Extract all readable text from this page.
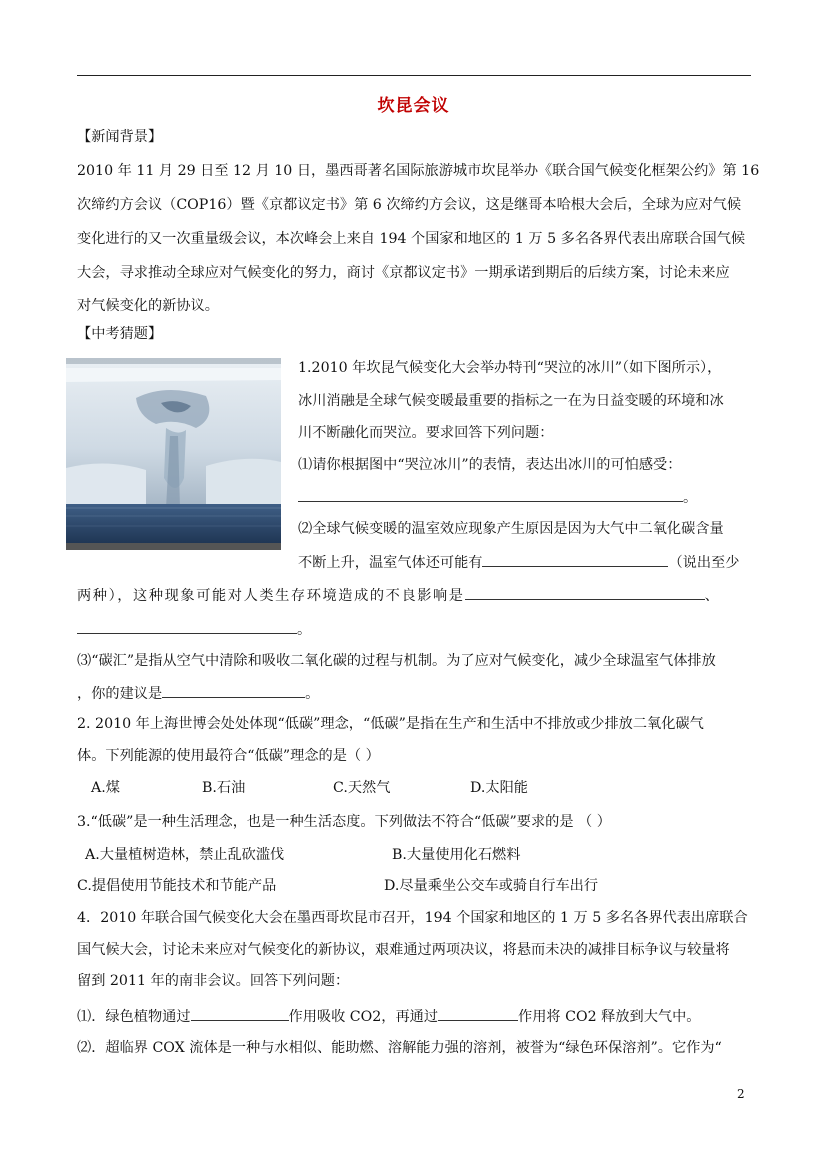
坎昆会议
【新闻背景】
2010 年 11 月 29 日至 12 月 10 日，墨西哥著名国际旅游城市坎昆举办《联合国气候变化框架公约》第 16
次缔约方会议（COP16）暨《京都议定书》第 6 次缔约方会议，这是继哥本哈根大会后，全球为应对气候
变化进行的又一次重量级会议，本次峰会上来自 194 个国家和地区的 1 万 5 多名各界代表出席联合国气候
大会，寻求推动全球应对气候变化的努力，商讨《京都议定书》一期承诺到期后的后续方案，讨论未来应
对气候变化的新协议。
【中考猜题】
1.2010 年坎昆气候变化大会举办特刊“哭泣的冰川”（如下图所示），
冰川消融是全球气候变暖最重要的指标之一在为日益变暖的环境和冰
川不断融化而哭泣。要求回答下列问题：
⑴请你根据图中“哭泣冰川”的表情，表达出冰川的可怕感受：
。
⑵全球气候变暖的温室效应现象产生原因是因为大气中二氧化碳含量
不断上升，温室气体还可能有	（说出至少
两种），这种现象可能对人类生存环境造成的不良影响是	、
。
⑶“碳汇”是指从空气中清除和吸收二氧化碳的过程与机制。为了应对气候变化，减少全球温室气体排放
，你的建议是	。
2. 2010 年上海世博会处处体现“低碳”理念，“低碳”是指在生产和生活中不排放或少排放二氧化碳气
体。下列能源的使用最符合“低碳”理念的是（ ）
A.煤	B.石油	C.天然气	D.太阳能
3.“低碳”是一种生活理念，也是一种生活态度。下列做法不符合“低碳”要求的是 （ ）
A.大量植树造林，禁止乱砍滥伐	B.大量使用化石燃料
C.提倡使用节能技术和节能产品	D.尽量乘坐公交车或骑自行车出行
4．2010 年联合国气候变化大会在墨西哥坎昆市召开，194 个国家和地区的 1 万 5 多名各界代表出席联合
国气候大会，讨论未来应对气候变化的新协议，艰难通过两项决议，将悬而未决的减排目标争议与较量将
留到 2011 年的南非会议。回答下列问题：
⑴．绿色植物通过	作用吸收 CO2，再通过	作用将 CO2 释放到大气中。
⑵．超临界 COX 流体是一种与水相似、能助燃、溶解能力强的溶剂，被誉为“绿色环保溶剂”。它作为“
2
